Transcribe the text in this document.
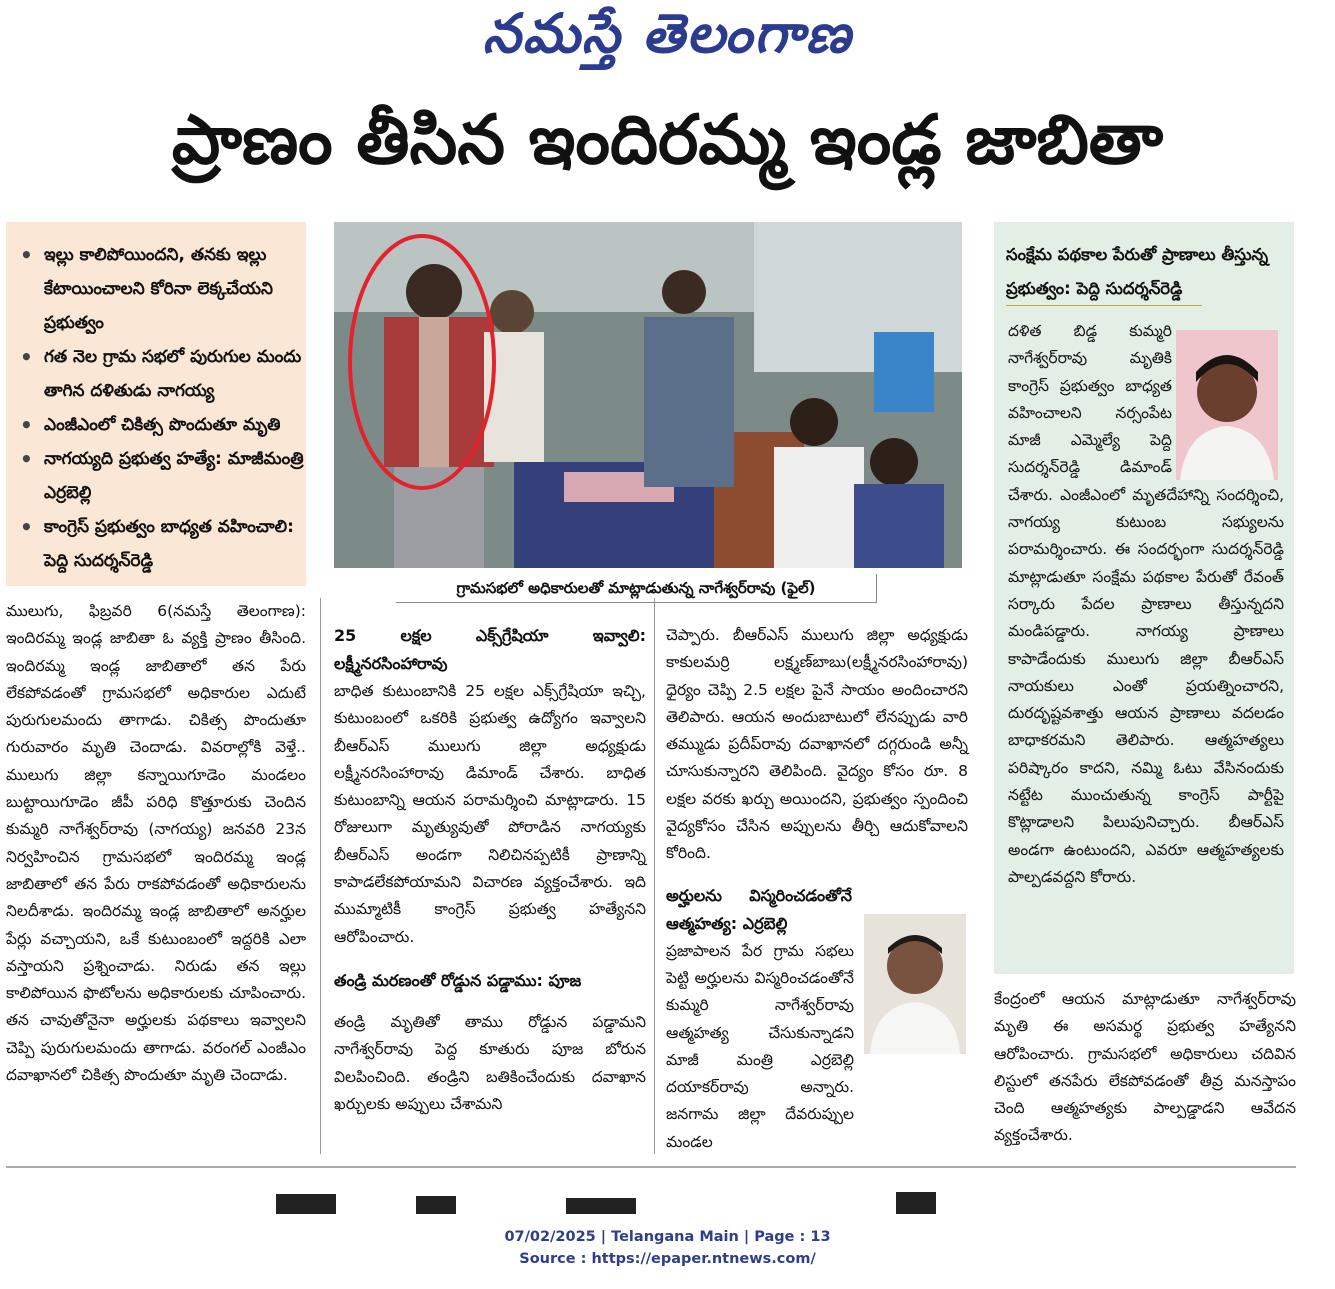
నమస్తే తెలంగాణ
ప్రాణం తీసిన ఇందిరమ్మ ఇండ్ల జాబితా
• ఇల్లు కాలిపోయిందని, తనకు ఇల్లు కేటాయించాలని కోరినా లెక్కచేయని ప్రభుత్వం
• గత నెల గ్రామ సభలో పురుగుల మందు తాగిన దళితుడు నాగయ్య
• ఎంజీఎంలో చికిత్స పొందుతూ మృతి
• నాగయ్యది ప్రభుత్వ హత్యే: మాజీమంత్రి ఎర్రబెల్లి
• కాంగ్రెస్ ప్రభుత్వం బాధ్యత వహించాలి: పెద్ది సుదర్శన్‌రెడ్డి
గ్రామసభలో అధికారులతో మాట్లాడుతున్న నాగేశ్వర్‌రావు (ఫైల్)

ములుగు, ఫిబ్రవరి 6(నమస్తే తెలంగాణ): ఇందిరమ్మ ఇండ్ల జాబితా ఓ వ్యక్తి ప్రాణం తీసింది. ఇందిరమ్మ ఇండ్ల జాబితాలో తన పేరు లేకపోవడంతో గ్రామసభలో అధికారుల ఎదుటే పురుగులమందు తాగాడు. చికిత్స పొందుతూ గురువారం మృతి చెందాడు. వివరాల్లోకి వెళ్తే.. ములుగు జిల్లా కన్నాయిగూడెం మండలం బుట్టాయిగూడెం జీపీ పరిధి కొత్తూరుకు చెందిన కుమ్మరి నాగేశ్వర్‌రావు (నాగయ్య) జనవరి 23న నిర్వహించిన గ్రామసభలో ఇందిరమ్మ ఇండ్ల జాబితాలో తన పేరు రాకపోవడంతో అధికారులను నిలదీశాడు. ఇందిరమ్మ ఇండ్ల జాబితాలో అనర్హుల పేర్లు వచ్చాయని, ఒకే కుటుంబంలో ఇద్దరికి ఎలా వస్తాయని ప్రశ్నించాడు. నిరుడు తన ఇల్లు కాలిపోయిన ఫొటోలను అధికారులకు చూపించారు. తన చావుతోనైనా అర్హులకు పథకాలు ఇవ్వాలని చెప్పి పురుగులమందు తాగాడు. వరంగల్ ఎంజీఎం దవాఖానలో చికిత్స పొందుతూ మృతి చెందాడు.

25 లక్షల ఎక్స్‌గ్రేషియా ఇవ్వాలి: లక్ష్మీనరసింహారావు

బాధిత కుటుంబానికి 25 లక్షల ఎక్స్‌గ్రేషియా ఇచ్చి, కుటుంబంలో ఒకరికి ప్రభుత్వ ఉద్యోగం ఇవ్వాలని బీఆర్‌ఎస్ ములుగు జిల్లా అధ్యక్షుడు లక్ష్మీనరసింహారావు డిమాండ్ చేశారు. బాధిత కుటుంబాన్ని ఆయన పరామర్శించి మాట్లాడారు. 15 రోజులుగా మృత్యువుతో పోరాడిన నాగయ్యకు బీఆర్‌ఎస్ అండగా నిలిచినప్పటికీ ప్రాణాన్ని కాపాడలేకపోయామని విచారణ వ్యక్తంచేశారు. ఇది ముమ్మాటికీ కాంగ్రెస్ ప్రభుత్వ హత్యేనని ఆరోపించారు.

తండ్రి మరణంతో రోడ్డున పడ్డాము: పూజ

తండ్రి మృతితో తాము రోడ్డున పడ్డామని నాగేశ్వర్‌రావు పెద్ద కూతురు పూజ బోరున విలపించింది. తండ్రిని బతికించేందుకు దవాఖాన ఖర్చులకు అప్పులు చేశామని

చెప్పారు. బీఆర్‌ఎస్ ములుగు జిల్లా అధ్యక్షుడు కాకులమర్రి లక్ష్మణ్‌బాబు(లక్ష్మీనరసింహారావు) ధైర్యం చెప్పి 2.5 లక్షల పైనే సాయం అందించారని తెలిపారు. ఆయన అందుబాటులో లేనప్పుడు వారి తమ్ముడు ప్రదీప్‌రావు దవాఖానలో దగ్గరుండి అన్నీ చూసుకున్నారని తెలిపింది. వైద్యం కోసం రూ. 8 లక్షల వరకు ఖర్చు అయిందని, ప్రభుత్వం స్పందించి వైద్యకోసం చేసిన అప్పులను తీర్చి ఆదుకోవాలని కోరింది.

అర్హులను విస్మరించడంతోనే ఆత్మహత్య: ఎర్రబెల్లి

ప్రజాపాలన పేర గ్రామ సభలు పెట్టి అర్హులను విస్మరించడంతోనే కుమ్మరి నాగేశ్వర్‌రావు ఆత్మహత్య చేసుకున్నాడని మాజీ మంత్రి ఎర్రబెల్లి దయాకర్‌రావు అన్నారు. జనగామ జిల్లా దేవరుప్పుల మండల

సంక్షేమ పథకాల పేరుతో ప్రాణాలు తీస్తున్న ప్రభుత్వం: పెద్ది సుదర్శన్‌రెడ్డి

దళిత బిడ్డ కుమ్మరి నాగేశ్వర్‌రావు మృతికి కాంగ్రెస్ ప్రభుత్వం బాధ్యత వహించాలని నర్సంపేట మాజీ ఎమ్మెల్యే పెద్ది సుదర్శన్‌రెడ్డి డిమాండ్ చేశారు. ఎంజీఎంలో మృతదేహాన్ని సందర్శించి, నాగయ్య కుటుంబ సభ్యులను పరామర్శించారు. ఈ సందర్భంగా సుదర్శన్‌రెడ్డి మాట్లాడుతూ సంక్షేమ పథకాల పేరుతో రేవంత్ సర్కారు పేదల ప్రాణాలు తీస్తున్నదని మండిపడ్డారు. నాగయ్య ప్రాణాలు కాపాడేందుకు ములుగు జిల్లా బీఆర్‌ఎస్ నాయకులు ఎంతో ప్రయత్నించారని, దురదృష్టవశాత్తు ఆయన ప్రాణాలు వదలడం బాధాకరమని తెలిపారు. ఆత్మహత్యలు పరిష్కారం కాదని, నమ్మి ఓటు వేసినందుకు నట్టేట ముంచుతున్న కాంగ్రెస్ పార్టీపై కొట్లాడాలని పిలుపునిచ్చారు. బీఆర్‌ఎస్ అండగా ఉంటుందని, ఎవరూ ఆత్మహత్యలకు పాల్పడవద్దని కోరారు.

కేంద్రంలో ఆయన మాట్లాడుతూ నాగేశ్వర్‌రావు మృతి ఈ అసమర్థ ప్రభుత్వ హత్యేనని ఆరోపించారు. గ్రామసభలో అధికారులు చదివిన లిస్టులో తనపేరు లేకపోవడంతో తీవ్ర మనస్తాపం చెంది ఆత్మహత్యకు పాల్పడ్డాడని ఆవేదన వ్యక్తంచేశారు.

07/02/2025 | Telangana Main | Page : 13
Source : https://epaper.ntnews.com/
